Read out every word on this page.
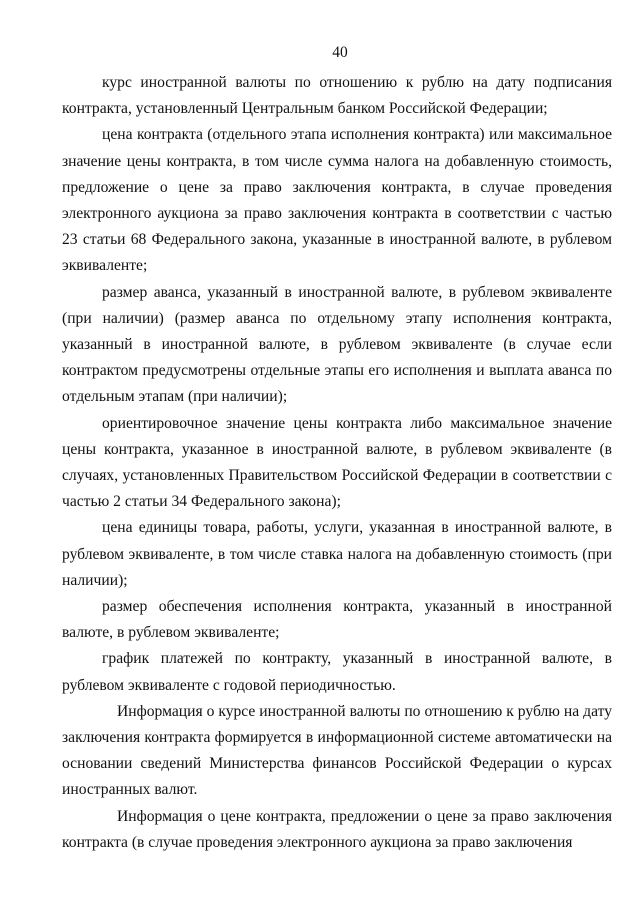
40

курс иностранной валюты по отношению к рублю на дату подписания контракта, установленный Центральным банком Российской Федерации;

цена контракта (отдельного этапа исполнения контракта) или максимальное значение цены контракта, в том числе сумма налога на добавленную стоимость, предложение о цене за право заключения контракта, в случае проведения электронного аукциона за право заключения контракта в соответствии с частью 23 статьи 68 Федерального закона, указанные в иностранной валюте, в рублевом эквиваленте;

размер аванса, указанный в иностранной валюте, в рублевом эквиваленте (при наличии) (размер аванса по отдельному этапу исполнения контракта, указанный в иностранной валюте, в рублевом эквиваленте (в случае если контрактом предусмотрены отдельные этапы его исполнения и выплата аванса по отдельным этапам (при наличии);

ориентировочное значение цены контракта либо максимальное значение цены контракта, указанное в иностранной валюте, в рублевом эквиваленте (в случаях, установленных Правительством Российской Федерации в соответствии с частью 2 статьи 34 Федерального закона);

цена единицы товара, работы, услуги, указанная в иностранной валюте, в рублевом эквиваленте, в том числе ставка налога на добавленную стоимость (при наличии);

размер обеспечения исполнения контракта, указанный в иностранной валюте, в рублевом эквиваленте;

график платежей по контракту, указанный в иностранной валюте, в рублевом эквиваленте с годовой периодичностью.

Информация о курсе иностранной валюты по отношению к рублю на дату заключения контракта формируется в информационной системе автоматически на основании сведений Министерства финансов Российской Федерации о курсах иностранных валют.

Информация о цене контракта, предложении о цене за право заключения контракта (в случае проведения электронного аукциона за право заключения
